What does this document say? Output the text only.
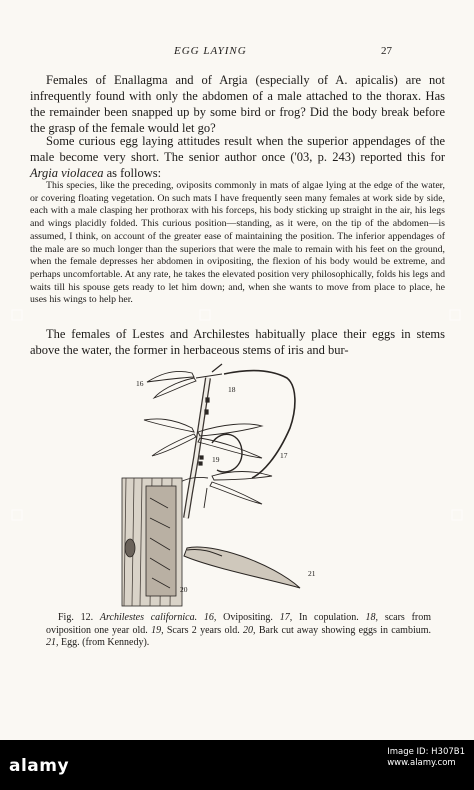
EGG LAYING	27

Females of Enallagma and of Argia (especially of A. apicalis) are not infrequently found with only the abdomen of a male attached to the thorax. Has the remainder been snapped up by some bird or frog? Did the body break before the grasp of the female would let go?

Some curious egg laying attitudes result when the superior appendages of the male become very short. The senior author once ('03, p. 243) reported this for Argia violacea as follows:

This species, like the preceding, oviposits commonly in mats of algae lying at the edge of the water, or covering floating vegetation. On such mats I have frequently seen many females at work side by side, each with a male clasping her prothorax with his forceps, his body sticking up straight in the air, his legs and wings placidly folded. This curious position—standing, as it were, on the tip of the abdomen—is assumed, I think, on account of the greater ease of maintaining the position. The inferior appendages of the male are so much longer than the superiors that were the male to remain with his feet on the ground, when the female depresses her abdomen in ovipositing, the flexion of his body would be extreme, and perhaps uncomfortable. At any rate, he takes the elevated position very philosophically, folds his legs and waits till his spouse gets ready to let him down; and, when she wants to move from place to place, he uses his wings to help her.

The females of Lestes and Archilestes habitually place their eggs in stems above the water, the former in herbaceous stems of iris and bur-

16
18
17
19
20
21
Fig. 12. Archilestes californica. 16, Ovipositing. 17, In copulation. 18, scars from oviposition one year old. 19, Scars 2 years old. 20, Bark cut away showing eggs in cambium. 21, Egg. (from Kennedy).
alamy
Image ID: H307B1
www.alamy.com
